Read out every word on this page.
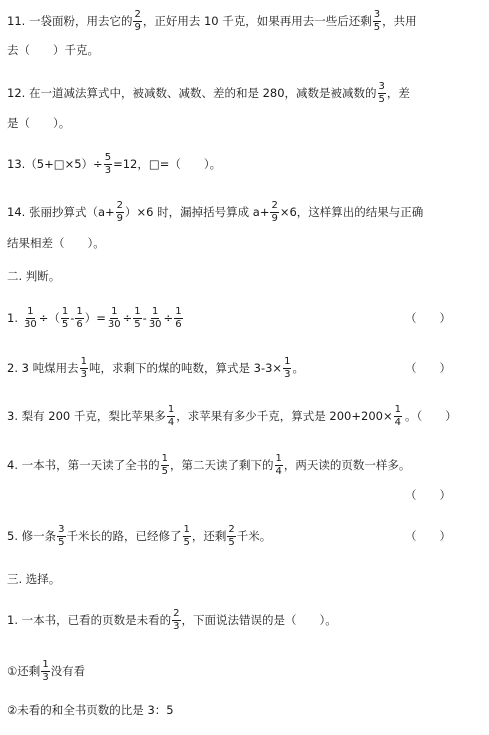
11. 一袋面粉，用去它的 $\frac{2}{9}$ ，正好用去 10 千克，如果再用去一些后还剩 $\frac{3}{5}$ ，共用
去（　　）千克。
12. 在一道减法算式中，被减数、减数、差的和是 280，减数是被减数的 $\frac{3}{5}$ ，差
是（　　）。
13.（5+□×5）÷ $\frac{5}{3} =12$，□=（　　）。
14. 张丽抄算式$(a+ \frac{2}{9} )\times 6$ 时，漏掉括号算成 $a+ \frac{2}{9} \times 6$，这样算出的结果与正确
结果相差（　　）。
二. 判断。
1. $\frac{1}{30}$ ÷（ $\frac{1}{5} - \frac{1}{6}$ ）= $\frac{1}{30} \div \frac{1}{5} - \frac{1}{30} \div \frac{1}{6}$	（　　）
2. 3 吨煤用去 $\frac{1}{3}$ 吨，求剩下的煤的吨数，算式是 $3-3\times \frac{1}{3}$ 。	（　　）
3. 梨有 200 千克，梨比苹果多 $\frac{1}{4}$ ，求苹果有多少千克，算式是 $200+200\times \frac{1}{4}$ 。（　　）
4. 一本书，第一天读了全书的 $\frac{1}{5}$ ，第二天读了剩下的 $\frac{1}{4}$ ，两天读的页数一样多。
（　　）
5. 修一条 $\frac{3}{5}$ 千米长的路，已经修了 $\frac{1}{5}$ ，还剩 $\frac{2}{5}$ 千米。	（　　）
三. 选择。
1. 一本书，已看的页数是未看的 $\frac{2}{3}$ ，下面说法错误的是（　　）。
①还剩 $\frac{1}{3}$ 没有看
②未看的和全书页数的比是 3：5
